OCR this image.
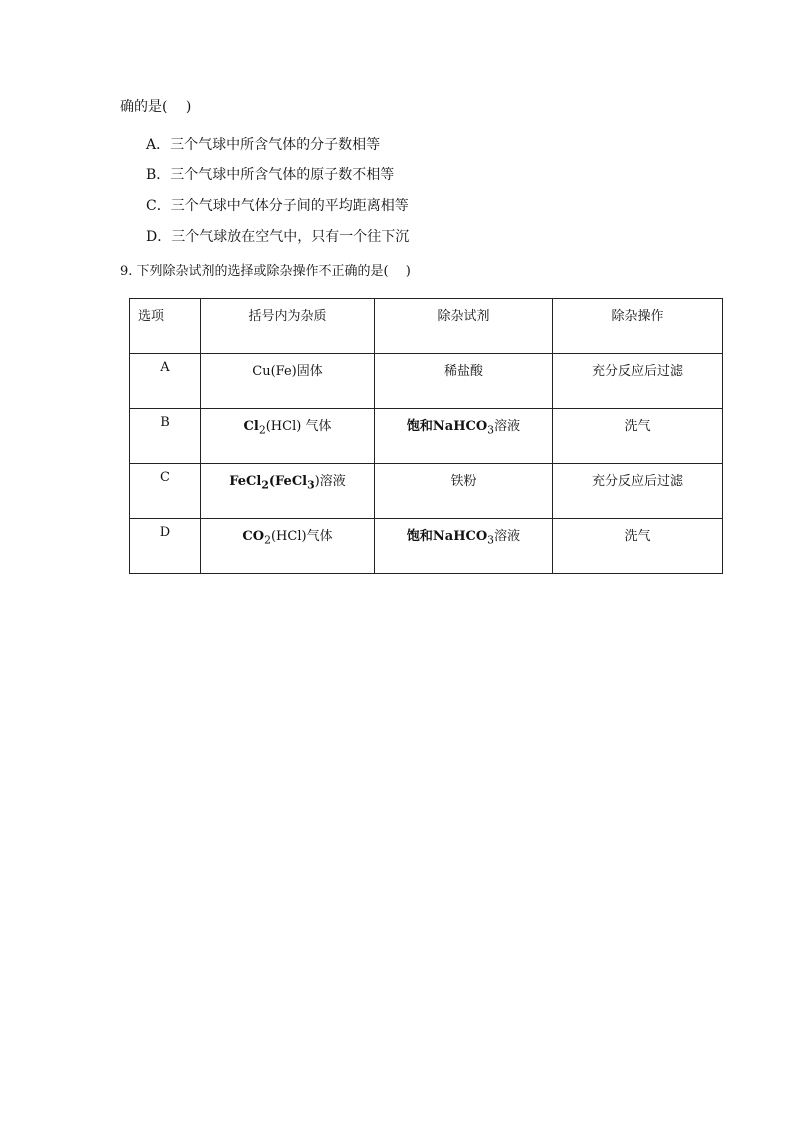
确的是(　 )
A．三个气球中所含气体的分子数相等
B．三个气球中所含气体的原子数不相等
C．三个气球中气体分子间的平均距离相等
D．三个气球放在空气中，只有一个往下沉
9. 下列除杂试剂的选择或除杂操作不正确的是(　 )
选项	括号内为杂质	除杂试剂	除杂操作
A	Cu(Fe)固体	稀盐酸	充分反应后过滤
B	$Cl_2(HCl)$ 气体	饱和NaHCO$_3$溶液	洗气
C	FeCl$_2$(FeCl$_3$)溶液	铁粉	充分反应后过滤
D	$CO_2(HCl)$气体	饱和NaHCO$_3$溶液	洗气
